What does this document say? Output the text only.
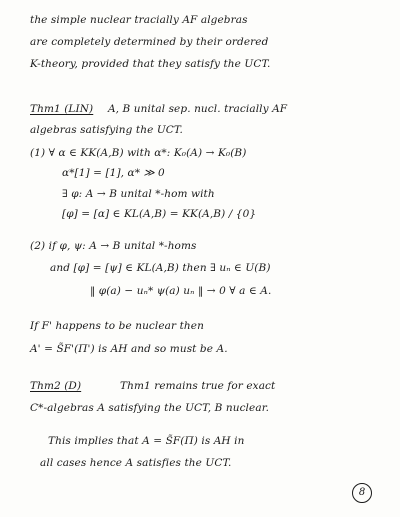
the simple nuclear tracially AF algebras
are completely determined by their ordered
K-theory, provided that they satisfy the UCT.
Thm1 (LIN) A, B unital sep. nucl. tracially AF
algebras satisfying the UCT.
(1) ∀ α ∈ KK(A,B) with α*: K₀(A) → K₀(B)
α*[1] = [1], α* ≫ 0
∃ φ: A → B unital *-hom with
[φ] = [α] ∈ KL(A,B) = KK(A,B) / {0}
(2) if φ, ψ: A → B unital *-homs
and [φ] = [ψ] ∈ KL(A,B) then ∃ uₙ ∈ U(B)
‖ φ(a) − uₙ* ψ(a) uₙ ‖ → 0 ∀ a ∈ A.
If F' happens to be nuclear then
A' = S̃F'(Π') is AH and so must be A.
Thm2 (D)	Thm1 remains true for exact
C*-algebras A satisfying the UCT, B nuclear.
This implies that A = S̃F(Π) is AH in
all cases hence A satisfies the UCT.
8
